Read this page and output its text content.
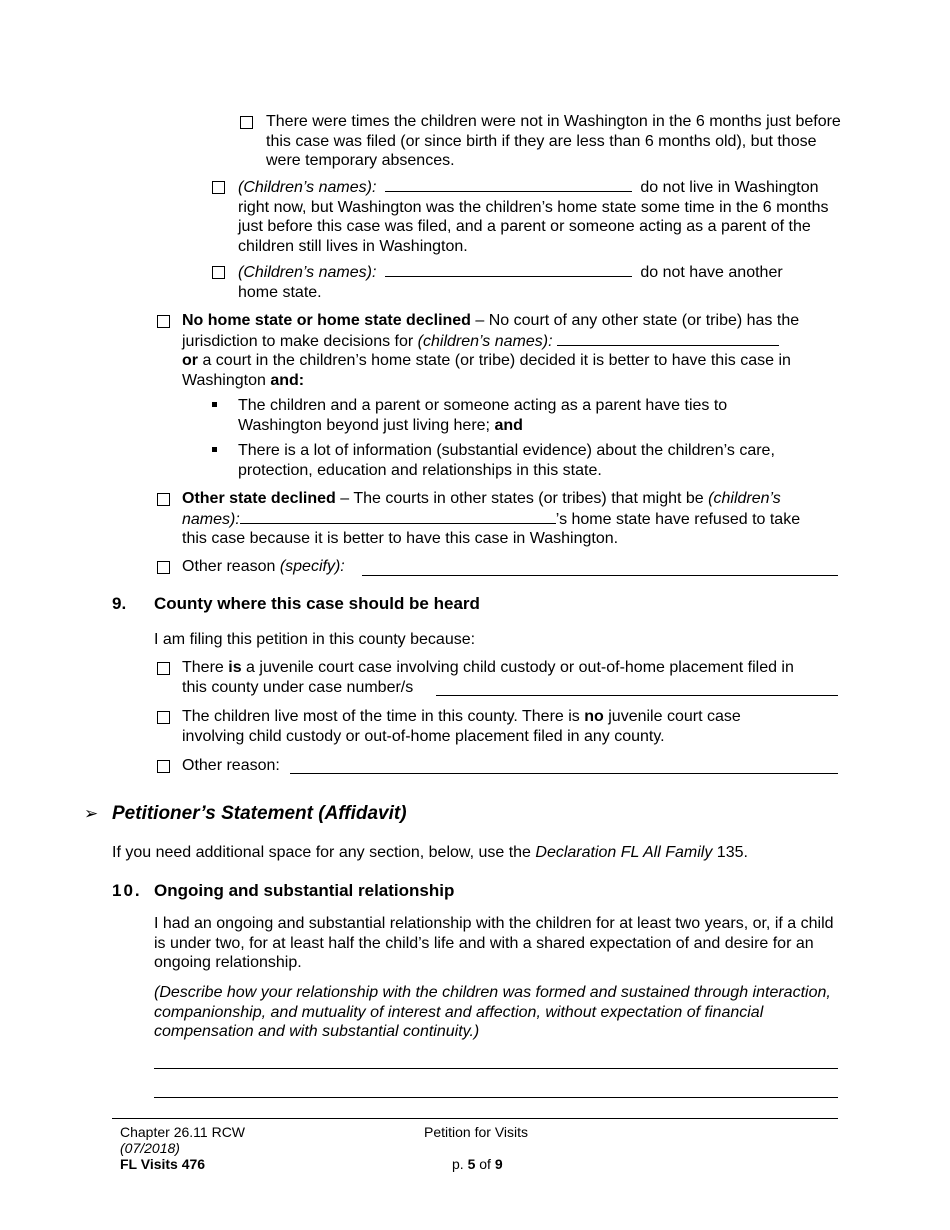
There were times the children were not in Washington in the 6 months just before this case was filed (or since birth if they are less than 6 months old), but those were temporary absences.
(Children’s names):	do not live in Washington
right now, but Washington was the children’s home state some time in the 6 months just before this case was filed, and a parent or someone acting as a parent of the children still lives in Washington.
(Children’s names):	do not have another
home state.
No home state or home state declined – No court of any other state (or tribe) has the jurisdiction to make decisions for (children’s names):
or a court in the children’s home state (or tribe) decided it is better to have this case in Washington and:
The children and a parent or someone acting as a parent have ties to Washington beyond just living here; and
There is a lot of information (substantial evidence) about the children’s care, protection, education and relationships in this state.
Other state declined – The courts in other states (or tribes) that might be (children’s
names):	’s home state have refused to take
this case because it is better to have this case in Washington.
Other reason (specify):
9. County where this case should be heard
I am filing this petition in this county because:
There is a juvenile court case involving child custody or out-of-home placement filed in
this county under case number/s
The children live most of the time in this county. There is no juvenile court case involving child custody or out-of-home placement filed in any county.
Other reason:
➢ Petitioner’s Statement (Affidavit)
If you need additional space for any section, below, use the Declaration FL All Family 135.
10. Ongoing and substantial relationship
I had an ongoing and substantial relationship with the children for at least two years, or, if a child is under two, for at least half the child’s life and with a shared expectation of and desire for an ongoing relationship.
(Describe how your relationship with the children was formed and sustained through interaction, companionship, and mutuality of interest and affection, without expectation of financial compensation and with substantial continuity.)
Chapter 26.11 RCW
(07/2018)
FL Visits 476
Petition for Visits
p. 5 of 9
